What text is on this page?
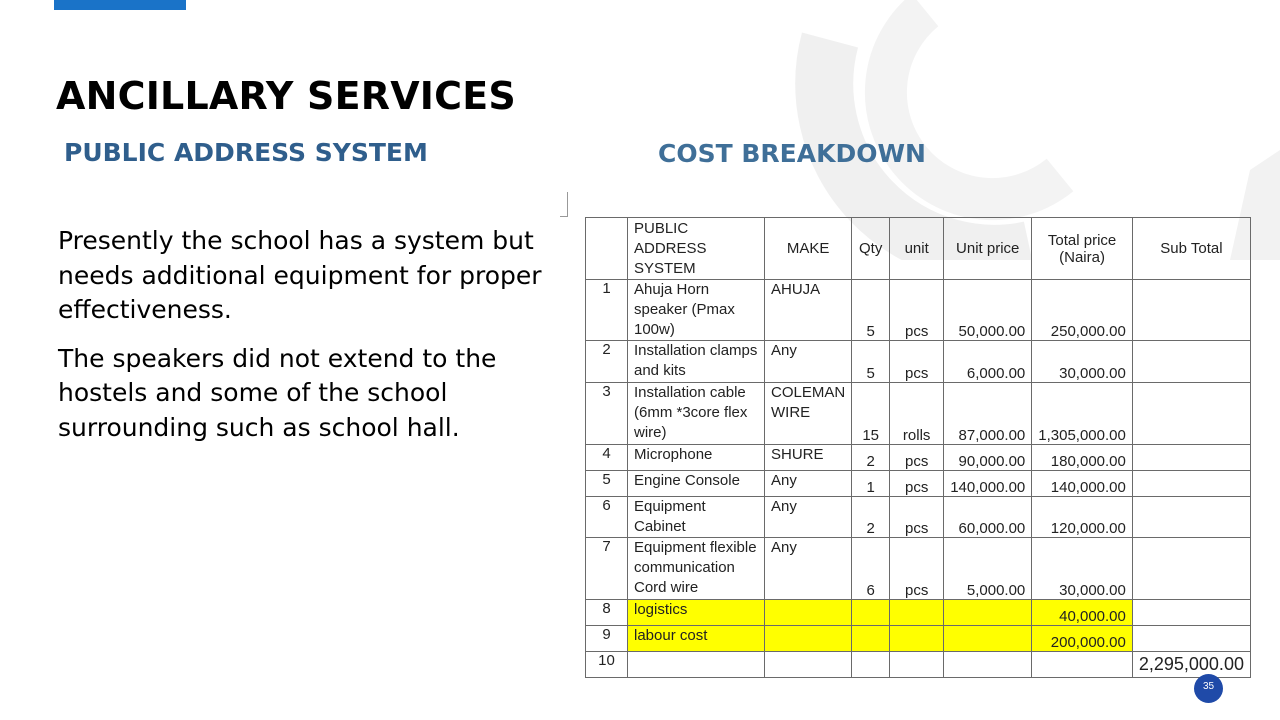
ANCILLARY SERVICES
PUBLIC ADDRESS SYSTEM	COST BREAKDOWN

Presently the school has a system but needs additional equipment for proper effectiveness.

The speakers did not extend to the hostels and some of the school surrounding such as school hall.

	PUBLIC ADDRESS SYSTEM	MAKE	Qty	unit	Unit price	Total price (Naira)	Sub Total
1	Ahuja Horn speaker (Pmax 100w)	AHUJA	5	pcs	50,000.00	250,000.00	
2	Installation clamps and kits	Any	5	pcs	6,000.00	30,000.00	
3	Installation cable (6mm *3core flex wire)	COLEMAN WIRE	15	rolls	87,000.00	1,305,000.00	
4	Microphone	SHURE	2	pcs	90,000.00	180,000.00	
5	Engine Console	Any	1	pcs	140,000.00	140,000.00	
6	Equipment Cabinet	Any	2	pcs	60,000.00	120,000.00	
7	Equipment flexible communication Cord wire	Any	6	pcs	5,000.00	30,000.00	
8	logistics					40,000.00	
9	labour cost					200,000.00	
10							2,295,000.00
35
